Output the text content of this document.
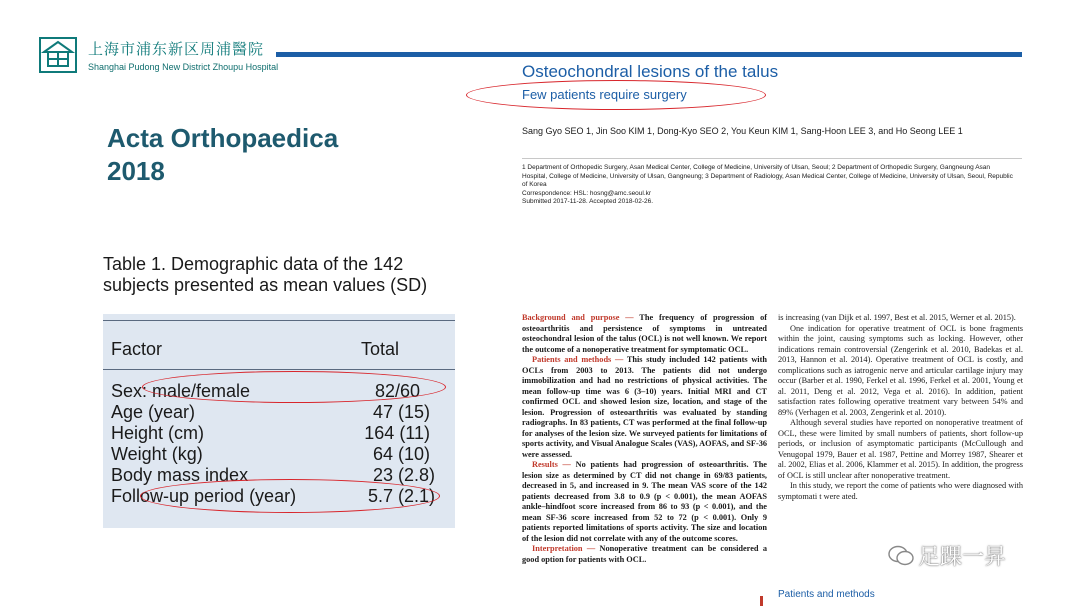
上海市浦东新区周浦醫院
Shanghai Pudong New District Zhoupu Hospital
Acta Orthopaedica
2018
Table 1. Demographic data of the 142 subjects presented as mean values (SD)
Factor	Total
Sex: male/female	82/60
Age (year)	47 (15)
Height (cm)	164 (11)
Weight (kg)	64 (10)
Body mass index	23 (2.8)
Follow-up period (year)	5.7 (2.1)
Osteochondral lesions of the talus
Few patients require surgery
Sang Gyo SEO 1, Jin Soo KIM 1, Dong-Kyo SEO 2, You Keun KIM 1, Sang-Hoon LEE 3, and Ho Seong LEE 1
1 Department of Orthopedic Surgery, Asan Medical Center, College of Medicine, University of Ulsan, Seoul; 2 Department of Orthopedic Surgery, Gangneung Asan Hospital, College of Medicine, University of Ulsan, Gangneung; 3 Department of Radiology, Asan Medical Center, College of Medicine, University of Ulsan, Seoul, Republic of Korea
Correspondence: HSL: hosng@amc.seoul.kr
Submitted 2017-11-28. Accepted 2018-02-26.
Background and purpose — The frequency of progression of osteoarthritis and persistence of symptoms in untreated osteochondral lesion of the talus (OCL) is not well known. We report the outcome of a nonoperative treatment for symptomatic OCL.
Patients and methods — This study included 142 patients with OCLs from 2003 to 2013. The patients did not undergo immobilization and had no restrictions of physical activities. The mean follow-up time was 6 (3–10) years. Initial MRI and CT confirmed OCL and showed lesion size, location, and stage of the lesion. Progression of osteoarthritis was evaluated by standing radiographs. In 83 patients, CT was performed at the final follow-up for analyses of the lesion size. We surveyed patients for limitations of sports activity, and Visual Analogue Scales (VAS), AOFAS, and SF-36 were assessed.
Results — No patients had progression of osteoarthritis. The lesion size as determined by CT did not change in 69/83 patients, decreased in 5, and increased in 9. The mean VAS score of the 142 patients decreased from 3.8 to 0.9 (p < 0.001), the mean AOFAS ankle–hindfoot score increased from 86 to 93 (p < 0.001), and the mean SF-36 score increased from 52 to 72 (p < 0.001). Only 9 patients reported limitations of sports activity. The size and location of the lesion did not correlate with any of the outcome scores.
Interpretation — Nonoperative treatment can be considered a good option for patients with OCL.

is increasing (van Dijk et al. 1997, Best et al. 2015, Werner et al. 2015).

One indication for operative treatment of OCL is bone fragments within the joint, causing symptoms such as locking. However, other indications remain controversial (Zengerink et al. 2010, Badekas et al. 2013, Hannon et al. 2014). Operative treatment of OCL is costly, and complications such as iatrogenic nerve and articular cartilage injury may occur (Barber et al. 1990, Ferkel et al. 1996, Ferkel et al. 2001, Young et al. 2011, Deng et al. 2012, Vega et al. 2016). In addition, patient satisfaction rates following operative treatment vary between 54% and 89% (Verhagen et al. 2003, Zengerink et al. 2010).

Although several studies have reported on nonoperative treatment of OCL, these were limited by small numbers of patients, short follow-up periods, or inclusion of asymptomatic participants (McCullough and Venugopal 1979, Bauer et al. 1987, Pettine and Morrey 1987, Shearer et al. 2002, Elias et al. 2006, Klammer et al. 2015). In addition, the progress of OCL is still unclear after nonoperative treatment.

In this study, we report the come of patients who were diagnosed with symptomati t were ated.

Patients and methods
足踝一昇
